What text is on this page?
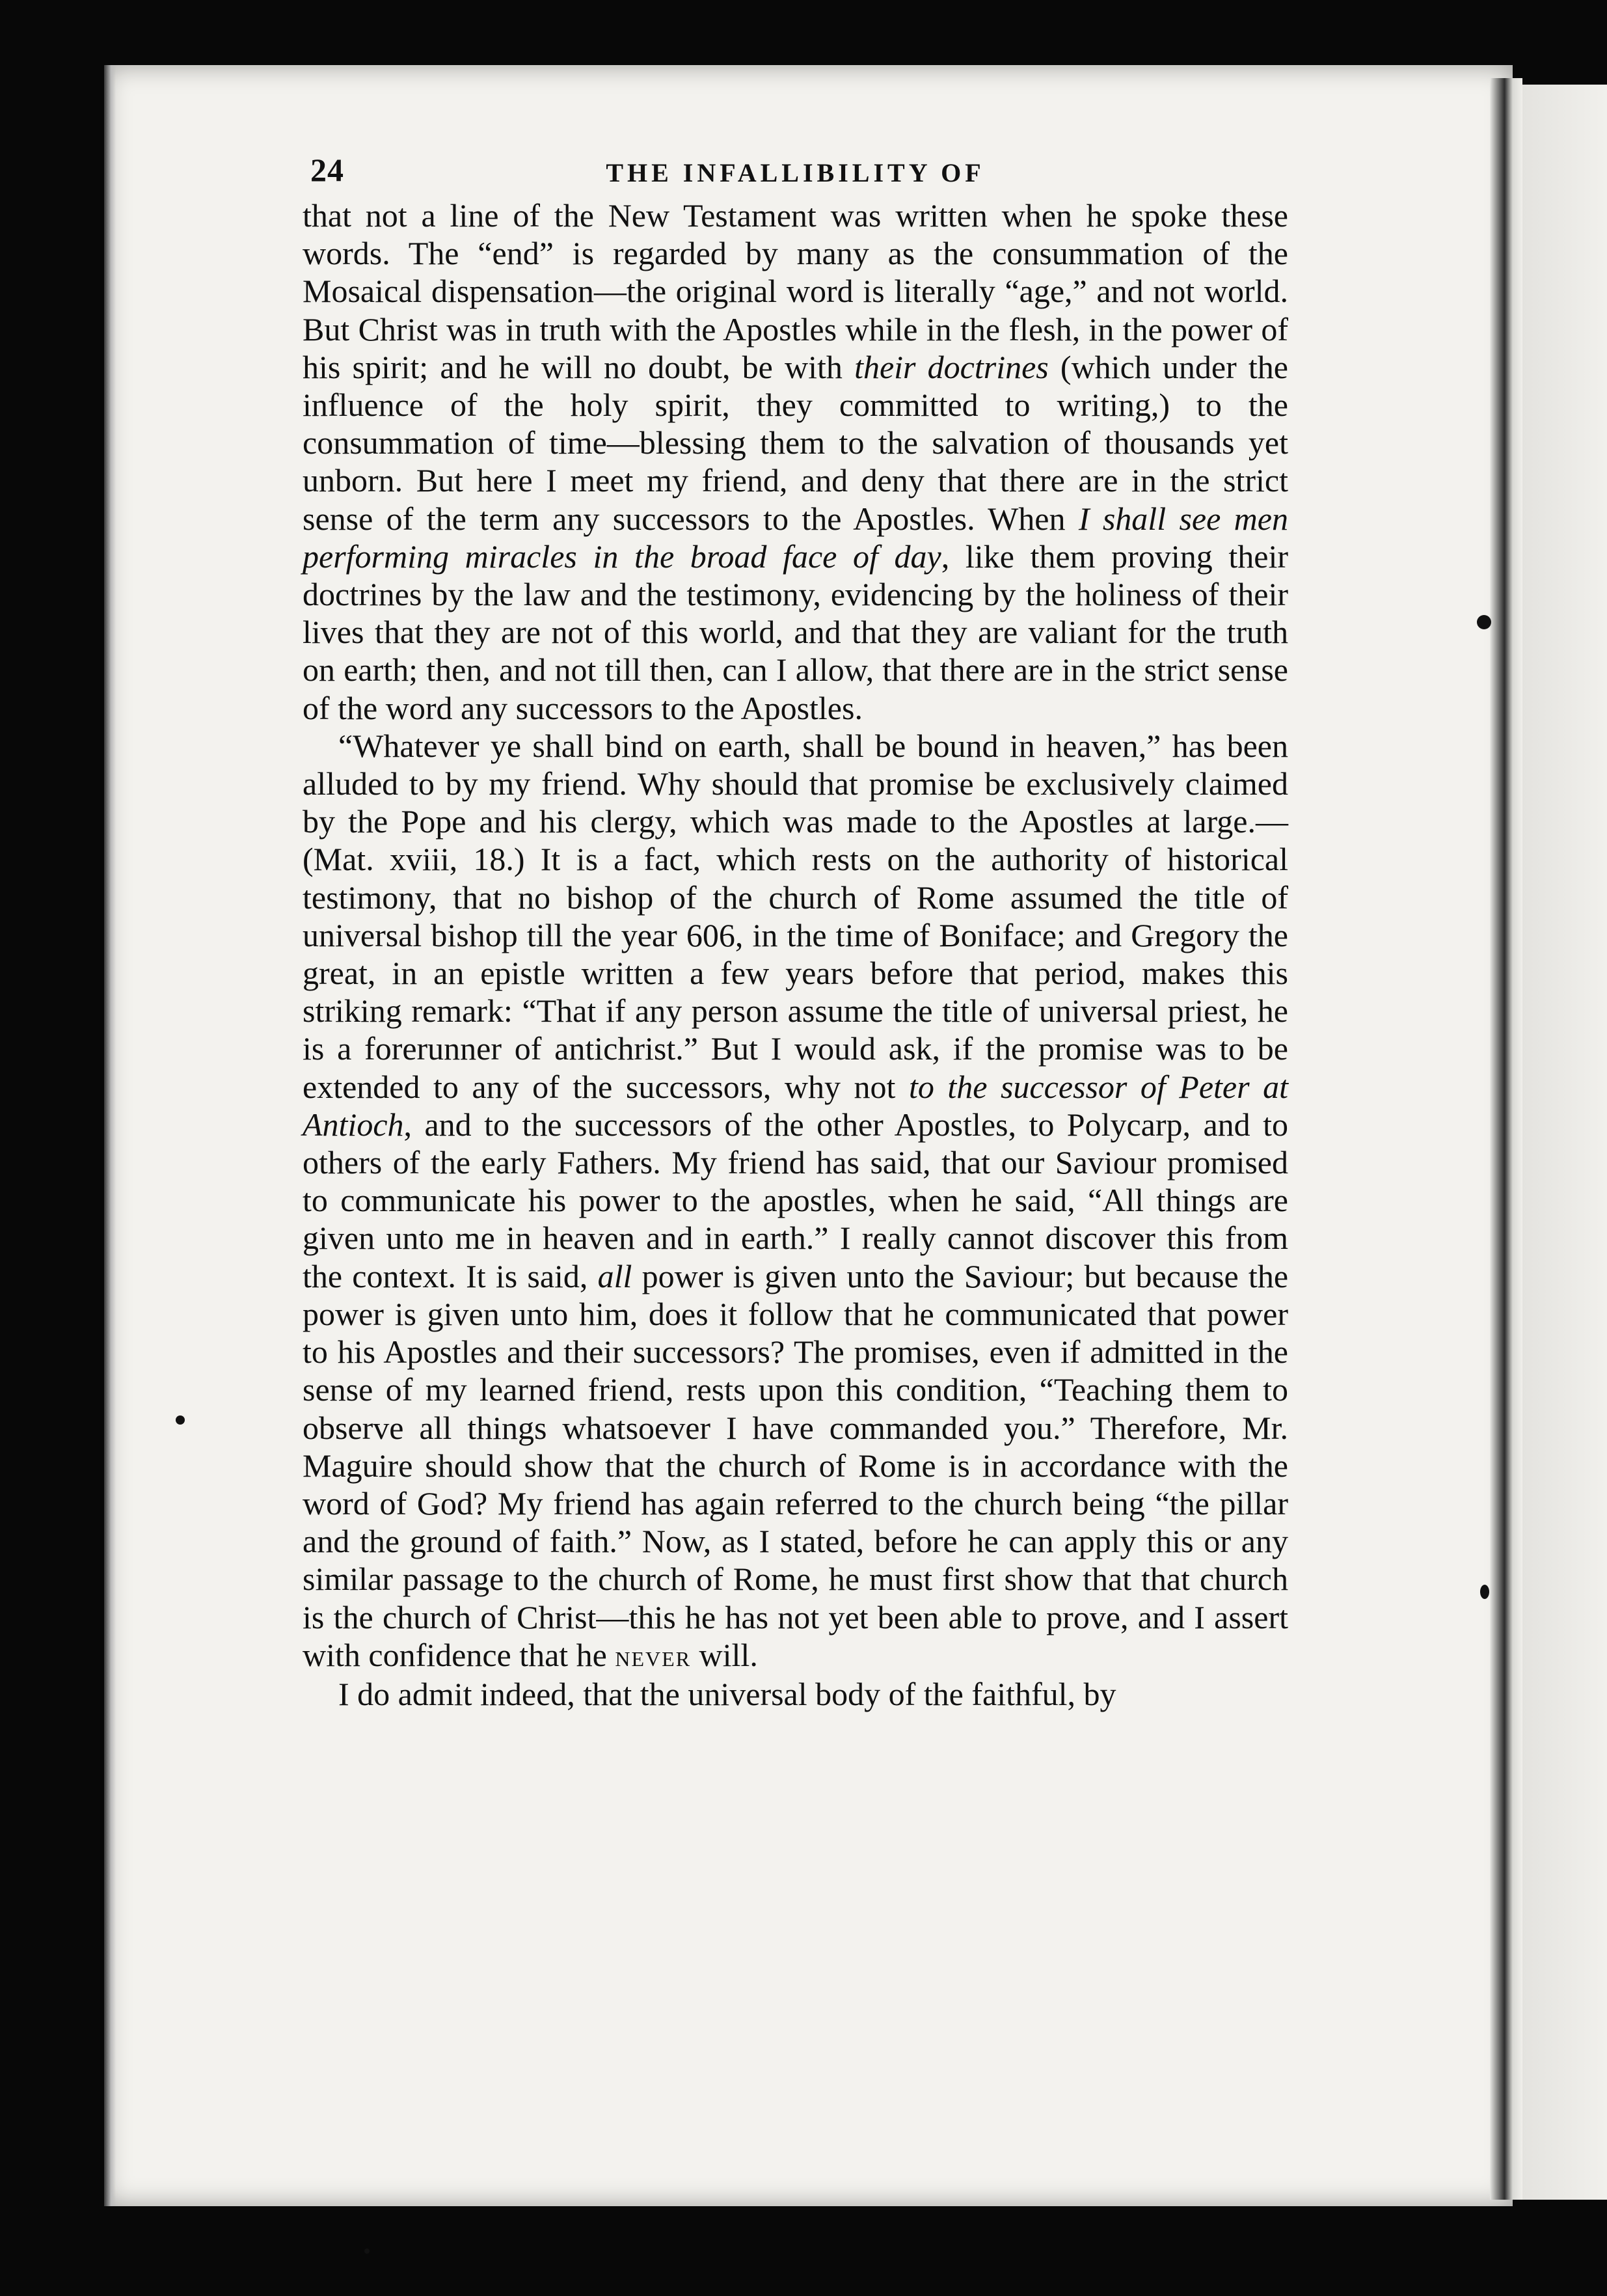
24	THE INFALLIBILITY OF

that not a line of the New Testament was written when he spoke these words. The “end” is regarded by many as the consummation of the Mosaical dispensation—the original word is literally “age,” and not world. But Christ was in truth with the Apostles while in the flesh, in the power of his spirit; and he will no doubt, be with their doctrines (which under the influence of the holy spirit, they committed to writing,) to the consummation of time—blessing them to the salvation of thousands yet unborn. But here I meet my friend, and deny that there are in the strict sense of the term any successors to the Apostles. When I shall see men performing miracles in the broad face of day, like them proving their doctrines by the law and the testimony, evidencing by the holiness of their lives that they are not of this world, and that they are valiant for the truth on earth; then, and not till then, can I allow, that there are in the strict sense of the word any successors to the Apostles.

“Whatever ye shall bind on earth, shall be bound in heaven,” has been alluded to by my friend. Why should that promise be exclusively claimed by the Pope and his clergy, which was made to the Apostles at large.—(Mat. xviii, 18.) It is a fact, which rests on the authority of historical testimony, that no bishop of the church of Rome assumed the title of universal bishop till the year 606, in the time of Boniface; and Gregory the great, in an epistle written a few years before that period, makes this striking remark: “That if any person assume the title of universal priest, he is a forerunner of antichrist.” But I would ask, if the promise was to be extended to any of the successors, why not to the successor of Peter at Antioch, and to the successors of the other Apostles, to Polycarp, and to others of the early Fathers. My friend has said, that our Saviour promised to communicate his power to the apostles, when he said, “All things are given unto me in heaven and in earth.” I really cannot discover this from the context. It is said, all power is given unto the Saviour; but because the power is given unto him, does it follow that he communicated that power to his Apostles and their successors? The promises, even if admitted in the sense of my learned friend, rests upon this condition, “Teaching them to observe all things whatsoever I have commanded you.” Therefore, Mr. Maguire should show that the church of Rome is in accordance with the word of God? My friend has again referred to the church being “the pillar and the ground of faith.” Now, as I stated, before he can apply this or any similar passage to the church of Rome, he must first show that that church is the church of Christ—this he has not yet been able to prove, and I assert with confidence that he never will.

I do admit indeed, that the universal body of the faithful, by
